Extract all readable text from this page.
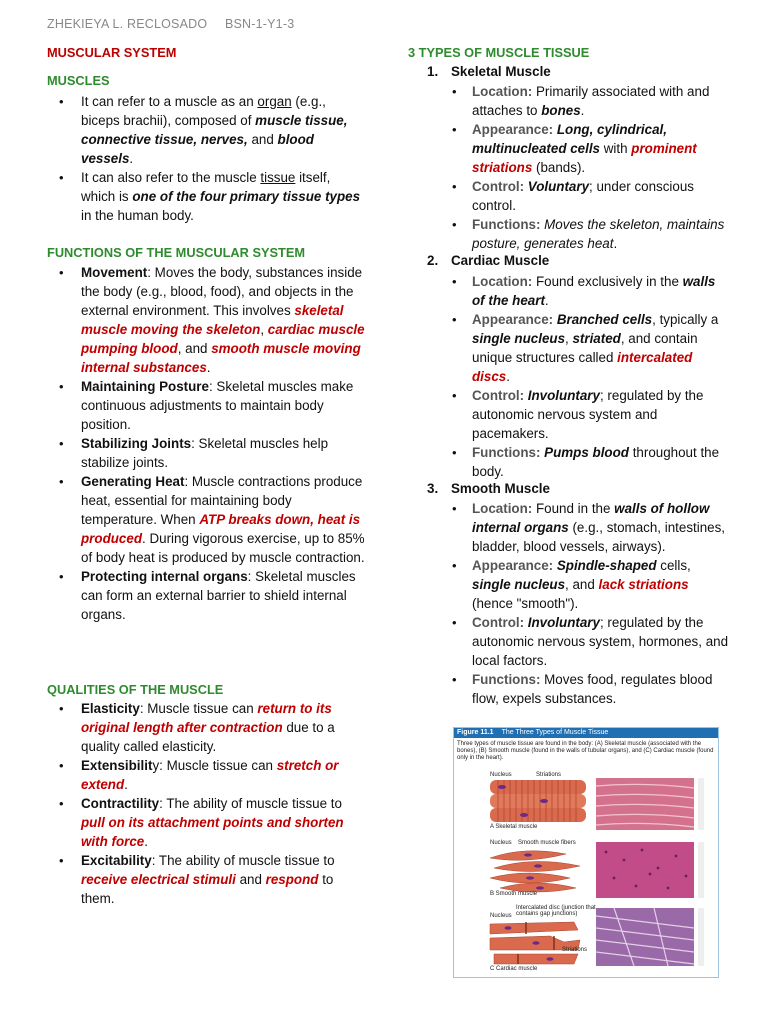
ZHEKIEYA L. RECLOSADO BSN-1-Y1-3
MUSCULAR SYSTEM
MUSCLES
• It can refer to a muscle as an organ (e.g., biceps brachii), composed of muscle tissue, connective tissue, nerves, and blood vessels.
• It can also refer to the muscle tissue itself, which is one of the four primary tissue types in the human body.
FUNCTIONS OF THE MUSCULAR SYSTEM
• Movement: Moves the body, substances inside the body (e.g., blood, food), and objects in the external environment. This involves skeletal muscle moving the skeleton, cardiac muscle pumping blood, and smooth muscle moving internal substances.
• Maintaining Posture: Skeletal muscles make continuous adjustments to maintain body position.
• Stabilizing Joints: Skeletal muscles help stabilize joints.
• Generating Heat: Muscle contractions produce heat, essential for maintaining body temperature. When ATP breaks down, heat is produced. During vigorous exercise, up to 85% of body heat is produced by muscle contraction.
• Protecting internal organs: Skeletal muscles can form an external barrier to shield internal organs.
QUALITIES OF THE MUSCLE
• Elasticity: Muscle tissue can return to its original length after contraction due to a quality called elasticity.
• Extensibility: Muscle tissue can stretch or extend.
• Contractility: The ability of muscle tissue to pull on its attachment points and shorten with force.
• Excitability: The ability of muscle tissue to receive electrical stimuli and respond to them.
3 TYPES OF MUSCLE TISSUE
1. Skeletal Muscle
• Location: Primarily associated with and attaches to bones.
• Appearance: Long, cylindrical, multinucleated cells with prominent striations (bands).
• Control: Voluntary; under conscious control.
• Functions: Moves the skeleton, maintains posture, generates heat.
2. Cardiac Muscle
• Location: Found exclusively in the walls of the heart.
• Appearance: Branched cells, typically a single nucleus, striated, and contain unique structures called intercalated discs.
• Control: Involuntary; regulated by the autonomic nervous system and pacemakers.
• Functions: Pumps blood throughout the body.
3. Smooth Muscle
• Location: Found in the walls of hollow internal organs (e.g., stomach, intestines, bladder, blood vessels, airways).
• Appearance: Spindle-shaped cells, single nucleus, and lack striations (hence "smooth").
• Control: Involuntary; regulated by the autonomic nervous system, hormones, and local factors.
• Functions: Moves food, regulates blood flow, expels substances.
Figure 11.1 The Three Types of Muscle Tissue
Three types of muscle tissue are found in the body: (A) Skeletal muscle (associated with the bones), (B) Smooth muscle (found in the walls of tubular organs), and (C) Cardiac muscle (found only in the heart).
Nucleus	Striations
A Skeletal muscle
Nucleus Smooth muscle fibers
B Smooth muscle
Intercalated disc (junction that contains gap junctions)
Nucleus
Striations
C Cardiac muscle
